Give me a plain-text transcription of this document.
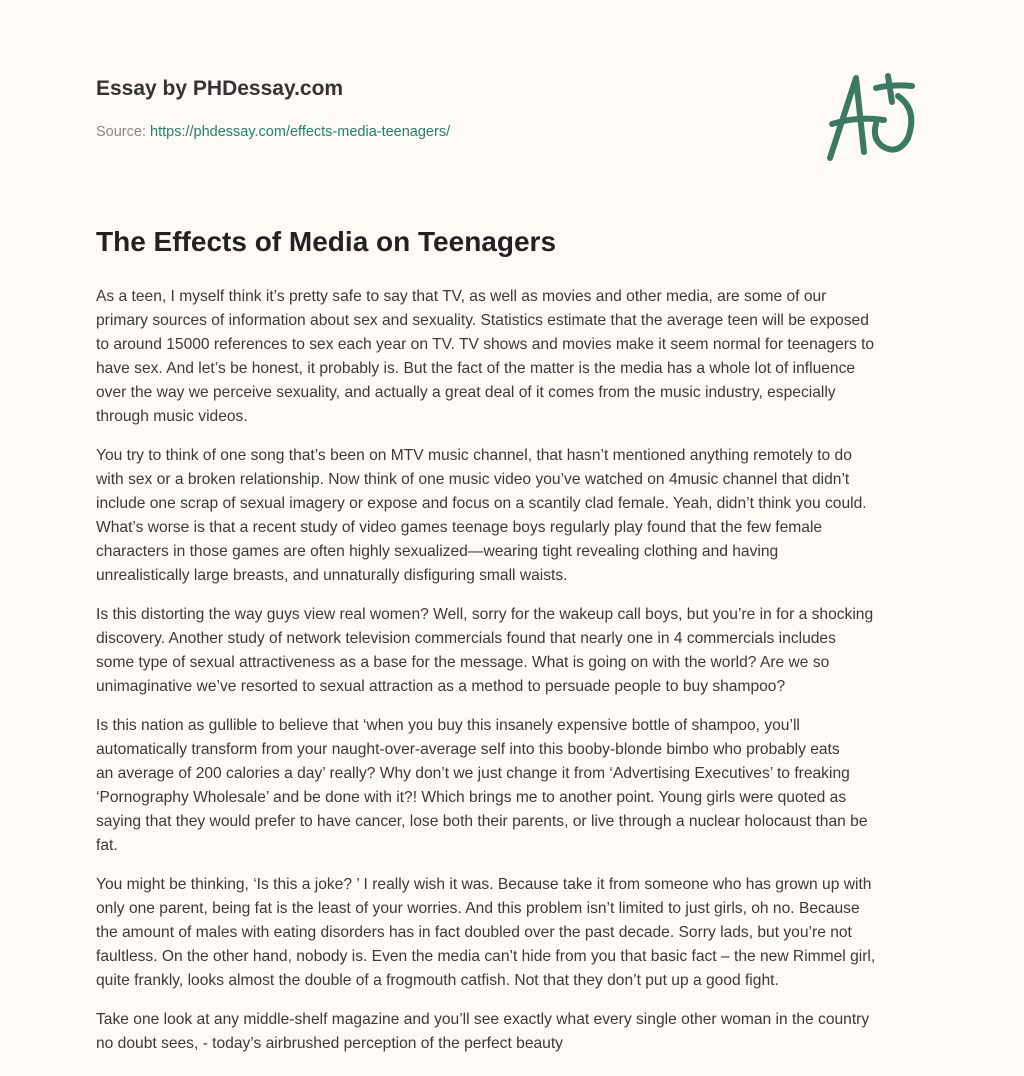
Essay by PHDessay.com
Source: https://phdessay.com/effects-media-teenagers/
The Effects of Media on Teenagers

As a teen, I myself think it’s pretty safe to say that TV, as well as movies and other media, are some of our
primary sources of information about sex and sexuality. Statistics estimate that the average teen will be exposed
to around 15000 references to sex each year on TV. TV shows and movies make it seem normal for teenagers to
have sex. And let’s be honest, it probably is. But the fact of the matter is the media has a whole lot of influence
over the way we perceive sexuality, and actually a great deal of it comes from the music industry, especially
through music videos.

You try to think of one song that’s been on MTV music channel, that hasn’t mentioned anything remotely to do
with sex or a broken relationship. Now think of one music video you’ve watched on 4music channel that didn’t
include one scrap of sexual imagery or expose and focus on a scantily clad female. Yeah, didn’t think you could.
What’s worse is that a recent study of video games teenage boys regularly play found that the few female
characters in those games are often highly sexualized—wearing tight revealing clothing and having
unrealistically large breasts, and unnaturally disfiguring small waists.

Is this distorting the way guys view real women? Well, sorry for the wakeup call boys, but you’re in for a shocking
discovery. Another study of network television commercials found that nearly one in 4 commercials includes
some type of sexual attractiveness as a base for the message. What is going on with the world? Are we so
unimaginative we’ve resorted to sexual attraction as a method to persuade people to buy shampoo?

Is this nation as gullible to believe that ‘when you buy this insanely expensive bottle of shampoo, you’ll
automatically transform from your naught-over-average self into this booby-blonde bimbo who probably eats
an average of 200 calories a day’ really? Why don’t we just change it from ‘Advertising Executives’ to freaking
‘Pornography Wholesale’ and be done with it?! Which brings me to another point. Young girls were quoted as
saying that they would prefer to have cancer, lose both their parents, or live through a nuclear holocaust than be
fat.

You might be thinking, ‘Is this a joke? ’ I really wish it was. Because take it from someone who has grown up with
only one parent, being fat is the least of your worries. And this problem isn’t limited to just girls, oh no. Because
the amount of males with eating disorders has in fact doubled over the past decade. Sorry lads, but you’re not
faultless. On the other hand, nobody is. Even the media can’t hide from you that basic fact – the new Rimmel girl,
quite frankly, looks almost the double of a frogmouth catfish. Not that they don’t put up a good fight.

Take one look at any middle-shelf magazine and you’ll see exactly what every single other woman in the country
no doubt sees, - today’s airbrushed perception of the perfect beauty
